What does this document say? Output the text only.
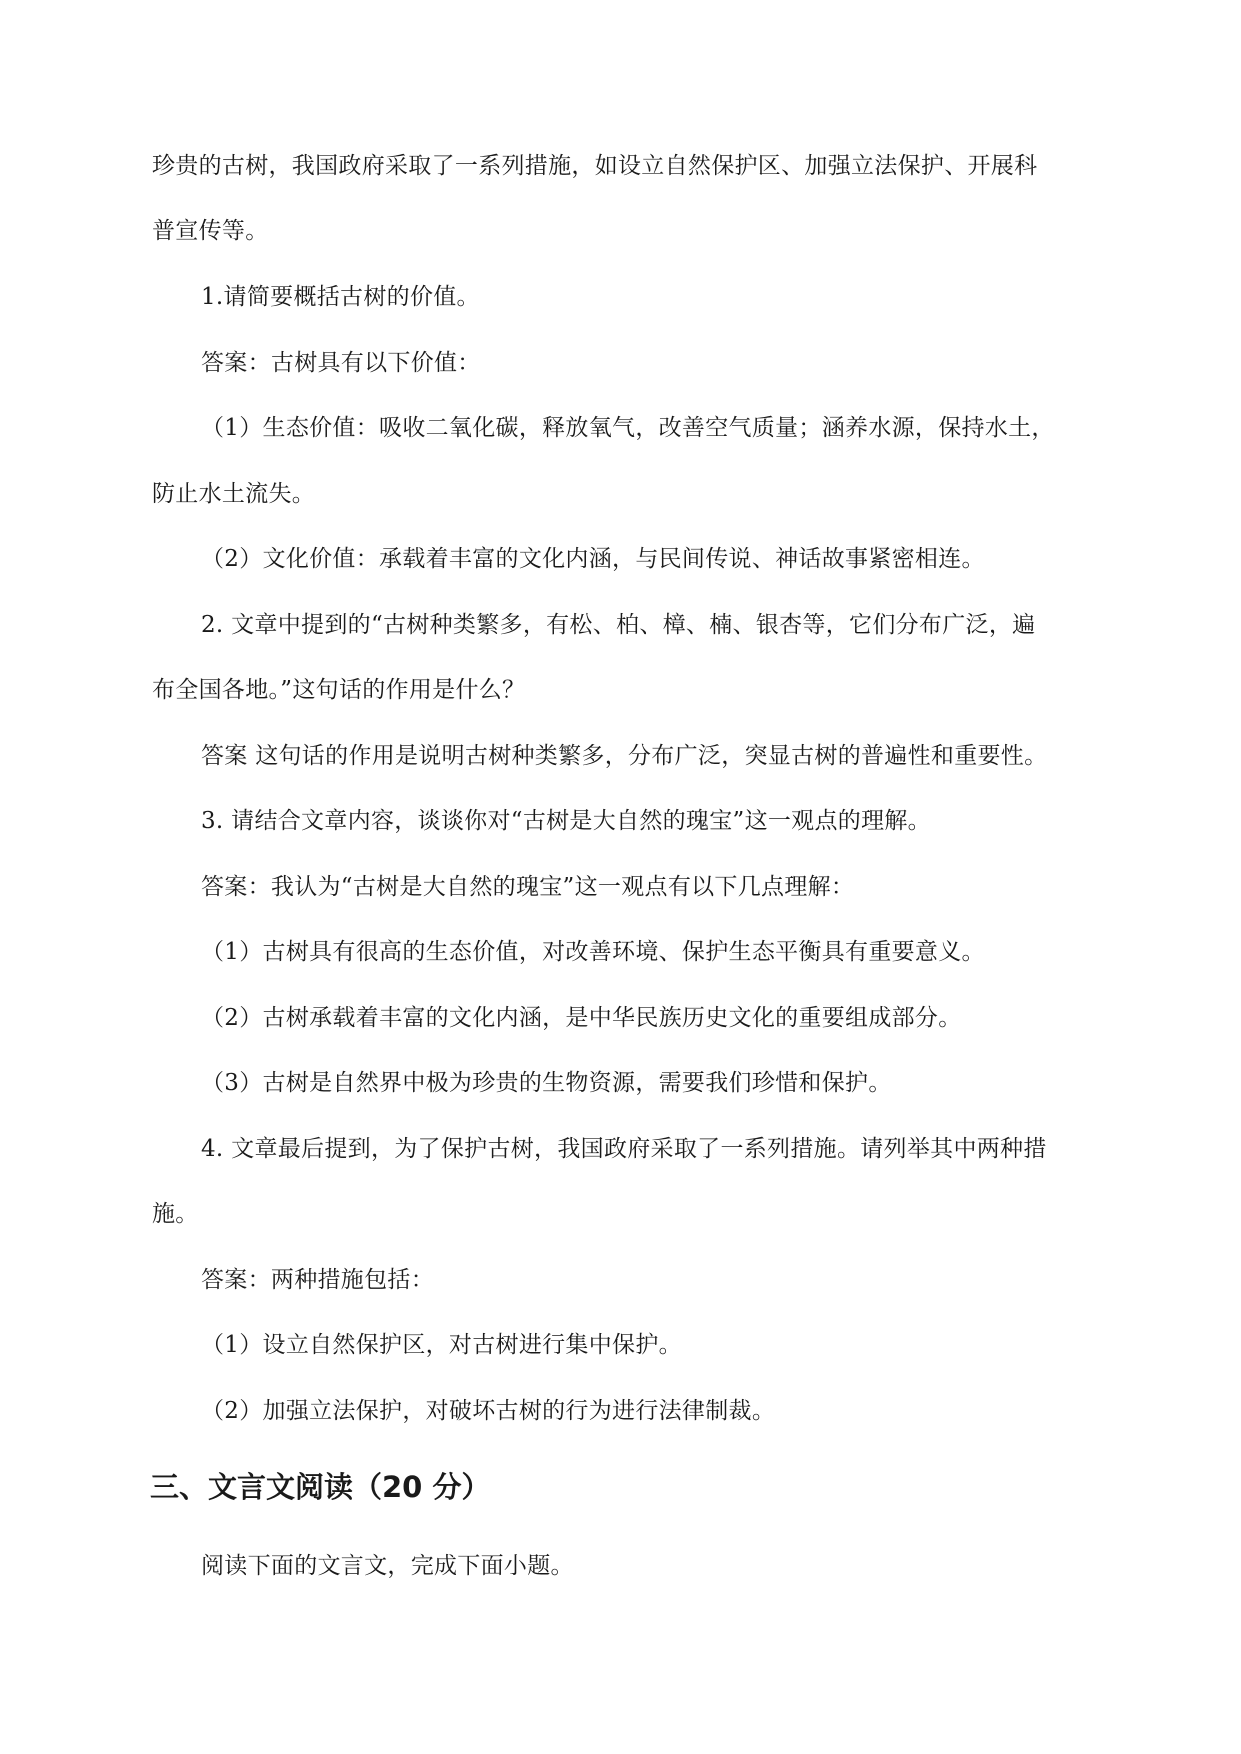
珍贵的古树，我国政府采取了一系列措施，如设立自然保护区、加强立法保护、开展科
普宣传等。
1.请简要概括古树的价值。
答案：古树具有以下价值：
（1）生态价值：吸收二氧化碳，释放氧气，改善空气质量；涵养水源，保持水土，
防止水土流失。
（2）文化价值：承载着丰富的文化内涵，与民间传说、神话故事紧密相连。
2. 文章中提到的“古树种类繁多，有松、柏、樟、楠、银杏等，它们分布广泛，遍
布全国各地。”这句话的作用是什么？
答案 这句话的作用是说明古树种类繁多，分布广泛，突显古树的普遍性和重要性。
3. 请结合文章内容，谈谈你对“古树是大自然的瑰宝”这一观点的理解。
答案：我认为“古树是大自然的瑰宝”这一观点有以下几点理解：
（1）古树具有很高的生态价值，对改善环境、保护生态平衡具有重要意义。
（2）古树承载着丰富的文化内涵，是中华民族历史文化的重要组成部分。
（3）古树是自然界中极为珍贵的生物资源，需要我们珍惜和保护。
4. 文章最后提到，为了保护古树，我国政府采取了一系列措施。请列举其中两种措
施。
答案：两种措施包括：
（1）设立自然保护区，对古树进行集中保护。
（2）加强立法保护，对破坏古树的行为进行法律制裁。
三、文言文阅读（20 分）
阅读下面的文言文，完成下面小题。
